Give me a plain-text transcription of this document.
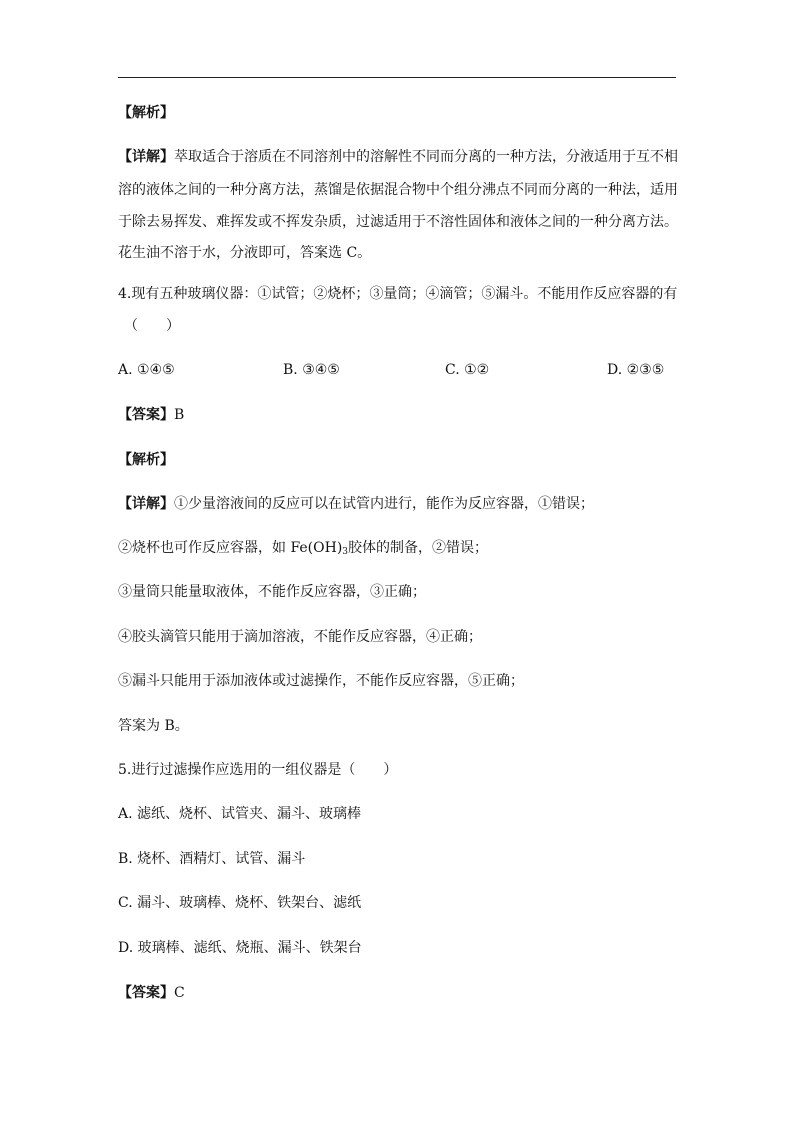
【解析】
【详解】萃取适合于溶质在不同溶剂中的溶解性不同而分离的一种方法，分液适用于互不相
溶的液体之间的一种分离方法，蒸馏是依据混合物中个组分沸点不同而分离的一种法，适用
于除去易挥发、难挥发或不挥发杂质，过滤适用于不溶性固体和液体之间的一种分离方法。
花生油不溶于水，分液即可，答案选 C。
4.现有五种玻璃仪器：①试管；②烧杯；③量筒；④滴管；⑤漏斗。不能用作反应容器的有
（　　）
A. ①④⑤	B. ③④⑤	C. ①②	D. ②③⑤
【答案】B
【解析】
【详解】①少量溶液间的反应可以在试管内进行，能作为反应容器，①错误；
②烧杯也可作反应容器，如 $Fe(OH)_3$胶体的制备，②错误；
③量筒只能量取液体，不能作反应容器，③正确；
④胶头滴管只能用于滴加溶液，不能作反应容器，④正确；
⑤漏斗只能用于添加液体或过滤操作，不能作反应容器，⑤正确；
答案为 B。
5.进行过滤操作应选用的一组仪器是（　　）
A. 滤纸、烧杯、试管夹、漏斗、玻璃棒
B. 烧杯、酒精灯、试管、漏斗
C. 漏斗、玻璃棒、烧杯、铁架台、滤纸
D. 玻璃棒、滤纸、烧瓶、漏斗、铁架台
【答案】C
